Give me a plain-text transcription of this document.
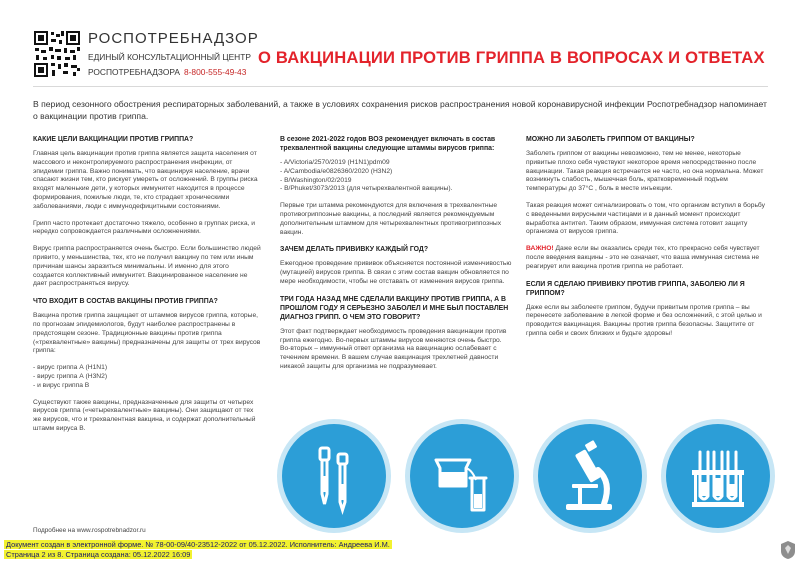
РОСПОТРЕБНАДЗОР
ЕДИНЫЙ КОНСУЛЬТАЦИОННЫЙ ЦЕНТР
РОСПОТРЕБНАДЗОРА 8-800-555-49-43
О ВАКЦИНАЦИИ ПРОТИВ ГРИППА В ВОПРОСАХ И ОТВЕТАХ
В период сезонного обострения респираторных заболеваний, а также в условиях сохранения рисков распространения новой коронавирусной инфекции Роспотребнадзор напоминает о вакцинации против гриппа.
КАКИЕ ЦЕЛИ ВАКЦИНАЦИИ ПРОТИВ ГРИППА?
Главная цель вакцинации против гриппа является защита населения от массового и неконтролируемого распространения инфекции, от эпидемии гриппа. Важно понимать, что вакцинируя население, врачи спасают жизни тем, кто рискует умереть от осложнений. В группы риска входят маленькие дети, у которых иммунитет находится в процессе формирования, пожилые люди, те, кто страдает хроническими заболеваниями, люди с иммунодефицитными состояниями.
Грипп часто протекает достаточно тяжело, особенно в группах риска, и нередко сопровождается различными осложнениями.
Вирус гриппа распространяется очень быстро. Если большинство людей привито, у меньшинства, тех, кто не получил вакцину по тем или иным причинам шансы заразиться минимальны. И именно для этого создается коллективный иммунитет. Вакцинированное население не дает распространяться вирусу.
ЧТО ВХОДИТ В СОСТАВ ВАКЦИНЫ ПРОТИВ ГРИППА?
Вакцина против гриппа защищает от штаммов вирусов гриппа, которые, по прогнозам эпидемиологов, будут наиболее распространены в предстоящем сезоне. Традиционные вакцины против гриппа («трехвалентные» вакцины) предназначены для защиты от трех вирусов гриппа:
- вирус гриппа А (H1N1)
- вирус гриппа А (H3N2)
- и вирус гриппа В
Существуют также вакцины, предназначенные для защиты от четырех вирусов гриппа («четырехвалентные» вакцины). Они защищают от тех же вирусов, что и трехвалентная вакцина, и содержат дополнительный штамм вируса В.
В сезоне 2021-2022 годов ВОЗ рекомендует включать в состав трехвалентной вакцины следующие штаммы вирусов гриппа:
- A/Victoria/2570/2019 (H1N1)pdm09
- A/Cambodia/e0826360/2020 (H3N2)
- B/Washington/02/2019
- B/Phuket/3073/2013 (для четырехвалентной вакцины).
Первые три штамма рекомендуются для включения в трехвалентные противогриппозные вакцины, а последний является рекомендуемым дополнительным штаммом для четырехвалентных противогриппозных вакцин.
ЗАЧЕМ ДЕЛАТЬ ПРИВИВКУ КАЖДЫЙ ГОД?
Ежегодное проведение прививок объясняется постоянной изменчивостью (мутацией) вирусов гриппа. В связи с этим состав вакцин обновляется по мере необходимости, чтобы не отставать от изменения вирусов гриппа.
ТРИ ГОДА НАЗАД МНЕ СДЕЛАЛИ ВАКЦИНУ ПРОТИВ ГРИППА, А В ПРОШЛОМ ГОДУ Я СЕРЬЕЗНО ЗАБОЛЕЛ И МНЕ БЫЛ ПОСТАВЛЕН ДИАГНОЗ ГРИПП. О ЧЕМ ЭТО ГОВОРИТ?
Этот факт подтверждает необходимость проведения вакцинации против гриппа ежегодно. Во-первых штаммы вирусов меняются очень быстро. Во-вторых – иммунный ответ организма на вакцинацию ослабевает с течением времени. В вашем случае вакцинация трехлетней давности никакой защиты для организма не подразумевает.
МОЖНО ЛИ ЗАБОЛЕТЬ ГРИППОМ ОТ ВАКЦИНЫ?
Заболеть гриппом от вакцины невозможно, тем не менее, некоторые привитые плохо себя чувствуют некоторое время непосредственно после вакцинации. Такая реакция встречается не часто, но она нормальна. Может возникнуть слабость, мышечная боль, кратковременный подъем температуры до 37°С , боль в месте инъекции.
Такая реакция может сигнализировать о том, что организм вступил в борьбу с введенными вирусными частицами и в данный момент происходит выработка антител. Таким образом, иммунная система готовит защиту организма от вирусов гриппа.
ВАЖНО! Даже если вы оказались среди тех, кто прекрасно себя чувствует после введения вакцины - это не означает, что ваша иммунная система не реагирует или вакцина против гриппа не работает.
ЕСЛИ Я СДЕЛАЮ ПРИВИВКУ ПРОТИВ ГРИППА, ЗАБОЛЕЮ ЛИ Я ГРИППОМ?
Даже если вы заболеете гриппом, будучи привитым против гриппа – вы перенесете заболевание в легкой форме и без осложнений, с этой целью и проводится вакцинация. Вакцины против гриппа безопасны. Защитите от гриппа себя и своих близких и будьте здоровы!
Подробнее на www.rospotrebnadzor.ru
Документ создан в электронной форме. № 78-00-09/40-23512-2022 от 05.12.2022. Исполнитель: Андреева И.М.
Страница 2 из 8. Страница создана: 05.12.2022 16:09
